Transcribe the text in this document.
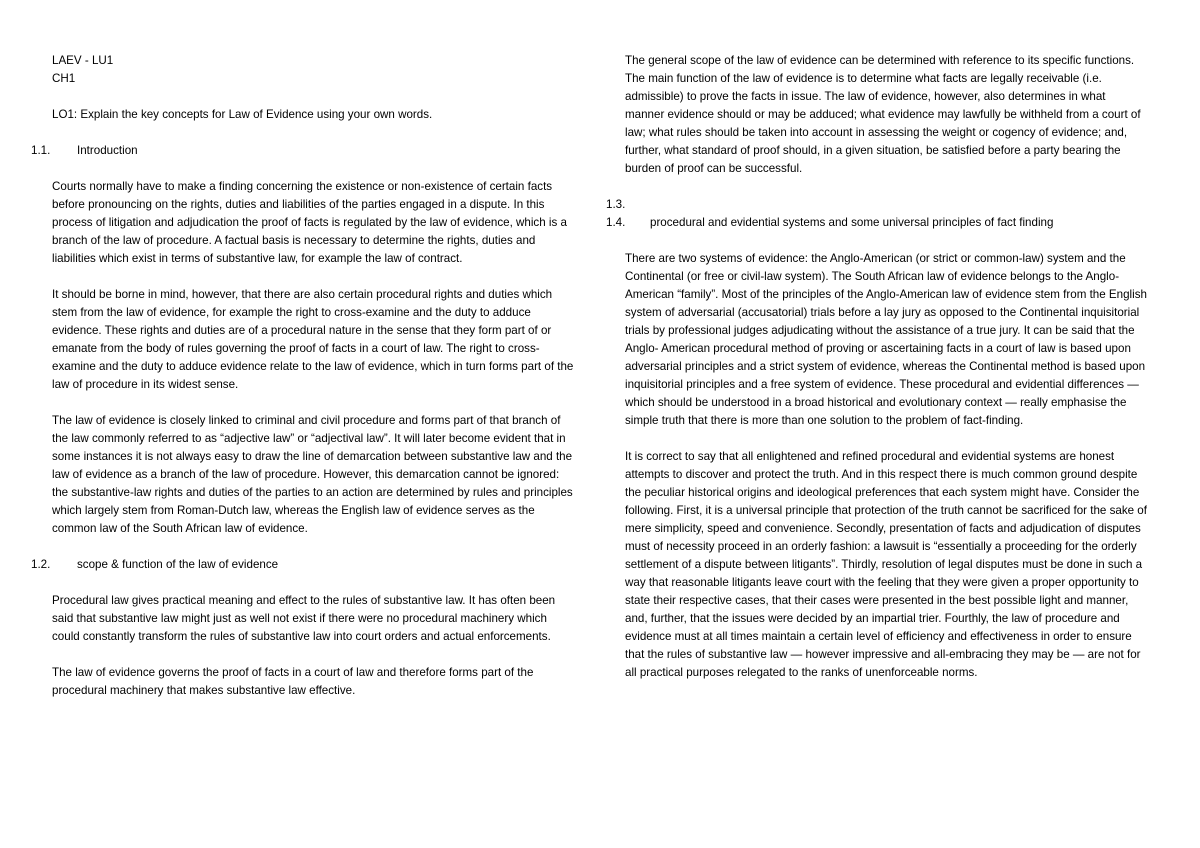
LAEV - LU1

CH1

LO1: Explain the key concepts for Law of Evidence using your own words.

1.1.	Introduction

Courts normally have to make a finding concerning the existence or non-existence of certain facts before pronouncing on the rights, duties and liabilities of the parties engaged in a dispute. In this process of litigation and adjudication the proof of facts is regulated by the law of evidence, which is a branch of the law of procedure. A factual basis is necessary to determine the rights, duties and liabilities which exist in terms of substantive law, for example the law of contract.

It should be borne in mind, however, that there are also certain procedural rights and duties which stem from the law of evidence, for example the right to cross-examine and the duty to adduce evidence. These rights and duties are of a procedural nature in the sense that they form part of or emanate from the body of rules governing the proof of facts in a court of law. The right to cross-examine and the duty to adduce evidence relate to the law of evidence, which in turn forms part of the law of procedure in its widest sense.

The law of evidence is closely linked to criminal and civil procedure and forms part of that branch of the law commonly referred to as “adjective law” or “adjectival law”. It will later become evident that in some instances it is not always easy to draw the line of demarcation between substantive law and the law of evidence as a branch of the law of procedure. However, this demarcation cannot be ignored: the substantive-law rights and duties of the parties to an action are determined by rules and principles which largely stem from Roman-Dutch law, whereas the English law of evidence serves as the common law of the South African law of evidence.

1.2.	scope & function of the law of evidence

Procedural law gives practical meaning and effect to the rules of substantive law. It has often been said that substantive law might just as well not exist if there were no procedural machinery which could constantly transform the rules of substantive law into court orders and actual enforcements.

The law of evidence governs the proof of facts in a court of law and therefore forms part of the procedural machinery that makes substantive law effective.

The general scope of the law of evidence can be determined with reference to its specific functions. The main function of the law of evidence is to determine what facts are legally receivable (i.e. admissible) to prove the facts in issue. The law of evidence, however, also determines in what manner evidence should or may be adduced; what evidence may lawfully be withheld from a court of law; what rules should be taken into account in assessing the weight or cogency of evidence; and, further, what standard of proof should, in a given situation, be satisfied before a party bearing the burden of proof can be successful.

1.3.
1.4.	procedural and evidential systems and some universal principles of fact finding

There are two systems of evidence: the Anglo-American (or strict or common-law) system and the Continental (or free or civil-law system). The South African law of evidence belongs to the Anglo-American “family”. Most of the principles of the Anglo-American law of evidence stem from the English system of adversarial (accusatorial) trials before a lay jury as opposed to the Continental inquisitorial trials by professional judges adjudicating without the assistance of a true jury. It can be said that the Anglo- American procedural method of proving or ascertaining facts in a court of law is based upon adversarial principles and a strict system of evidence, whereas the Continental method is based upon inquisitorial principles and a free system of evidence. These procedural and evidential differences — which should be understood in a broad historical and evolutionary context — really emphasise the simple truth that there is more than one solution to the problem of fact-finding.

It is correct to say that all enlightened and refined procedural and evidential systems are honest attempts to discover and protect the truth. And in this respect there is much common ground despite the peculiar historical origins and ideological preferences that each system might have. Consider the following. First, it is a universal principle that protection of the truth cannot be sacrificed for the sake of mere simplicity, speed and convenience. Secondly, presentation of facts and adjudication of disputes must of necessity proceed in an orderly fashion: a lawsuit is “essentially a proceeding for the orderly settlement of a dispute between litigants”. Thirdly, resolution of legal disputes must be done in such a way that reasonable litigants leave court with the feeling that they were given a proper opportunity to state their respective cases, that their cases were presented in the best possible light and manner, and, further, that the issues were decided by an impartial trier. Fourthly, the law of procedure and evidence must at all times maintain a certain level of efficiency and effectiveness in order to ensure that the rules of substantive law — however impressive and all-embracing they may be — are not for all practical purposes relegated to the ranks of unenforceable norms.
